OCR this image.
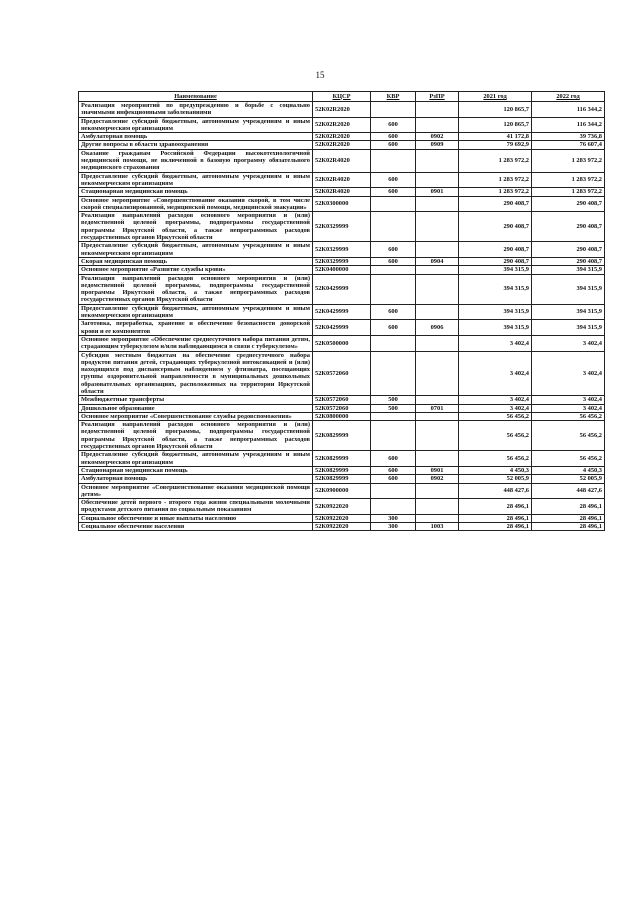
15
Наименование	КЦСР	КВР	РзПР	2021 год	2022 год
Реализация мероприятий по предупреждению и борьбе с социально значимыми инфекционными заболеваниями	52К02R2020			120 865,7	116 344,2
Предоставление субсидий бюджетным, автономным учреждениям и иным некоммерческим организациям	52К02R2020	600		120 865,7	116 344,2
Амбулаторная помощь	52К02R2020	600	0902	41 172,8	39 736,8
Другие вопросы в области здравоохранения	52К02R2020	600	0909	79 692,9	76 607,4
Оказание гражданам Российской Федерации высокотехнологичной медицинской помощи, не включенной в базовую программу обязательного медицинского страхования	52К02R4020			1 283 972,2	1 283 972,2
Предоставление субсидий бюджетным, автономным учреждениям и иным некоммерческим организациям	52К02R4020	600		1 283 972,2	1 283 972,2
Стационарная медицинская помощь	52К02R4020	600	0901	1 283 972,2	1 283 972,2
Основное мероприятие «Совершенствование оказания скорой, в том числе скорой специализированной, медицинской помощи, медицинской эвакуации»	52К0300000			290 408,7	290 408,7
Реализация направлений расходов основного мероприятия и (или) ведомственной целевой программы, подпрограммы государственной программы Иркутской области, а также непрограммных расходов государственных органов Иркутской области	52К0329999			290 408,7	290 408,7
Предоставление субсидий бюджетным, автономным учреждениям и иным некоммерческим организациям	52К0329999	600		290 408,7	290 408,7
Скорая медицинская помощь	52К0329999	600	0904	290 408,7	290 408,7
Основное мероприятие «Развитие службы крови»	52К0400000			394 315,9	394 315,9
Реализация направлений расходов основного мероприятия и (или) ведомственной целевой программы, подпрограммы государственной программы Иркутской области, а также непрограммных расходов государственных органов Иркутской области	52К0429999			394 315,9	394 315,9
Предоставление субсидий бюджетным, автономным учреждениям и иным некоммерческим организациям	52К0429999	600		394 315,9	394 315,9
Заготовка, переработка, хранение и обеспечение безопасности донорской крови и ее компонентов	52К0429999	600	0906	394 315,9	394 315,9
Основное мероприятие «Обеспечение среднесуточного набора питания детям, страдающим туберкулезом и/или наблюдающимся в связи с туберкулезом»	52К0500000			3 402,4	3 402,4
Субсидии местным бюджетам на обеспечение среднесуточного набора продуктов питания детей, страдающих туберкулезной интоксикацией и (или) находящихся под диспансерным наблюдением у фтизиатра, посещающих группы оздоровительной направленности в муниципальных дошкольных образовательных организациях, расположенных на территории Иркутской области	52К0572060			3 402,4	3 402,4
Межбюджетные трансферты	52К0572060	500		3 402,4	3 402,4
Дошкольное образование	52К0572060	500	0701	3 402,4	3 402,4
Основное мероприятие «Совершенствование службы родовспоможения»	52К0800000			56 456,2	56 456,2
Реализация направлений расходов основного мероприятия и (или) ведомственной целевой программы, подпрограммы государственной программы Иркутской области, а также непрограммных расходов государственных органов Иркутской области	52К0829999			56 456,2	56 456,2
Предоставление субсидий бюджетным, автономным учреждениям и иным некоммерческим организациям	52К0829999	600		56 456,2	56 456,2
Стационарная медицинская помощь	52К0829999	600	0901	4 450,3	4 450,3
Амбулаторная помощь	52К0829999	600	0902	52 005,9	52 005,9
Основное мероприятие «Совершенствование оказания медицинской помощи детям»	52К0900000			448 427,6	448 427,6
Обеспечение детей первого - второго года жизни специальными молочными продуктами детского питания по социальным показаниям	52К0922020			28 496,1	28 496,1
Социальное обеспечение и иные выплаты населению	52К0922020	300		28 496,1	28 496,1
Социальное обеспечение населения	52К0922020	300	1003	28 496,1	28 496,1
